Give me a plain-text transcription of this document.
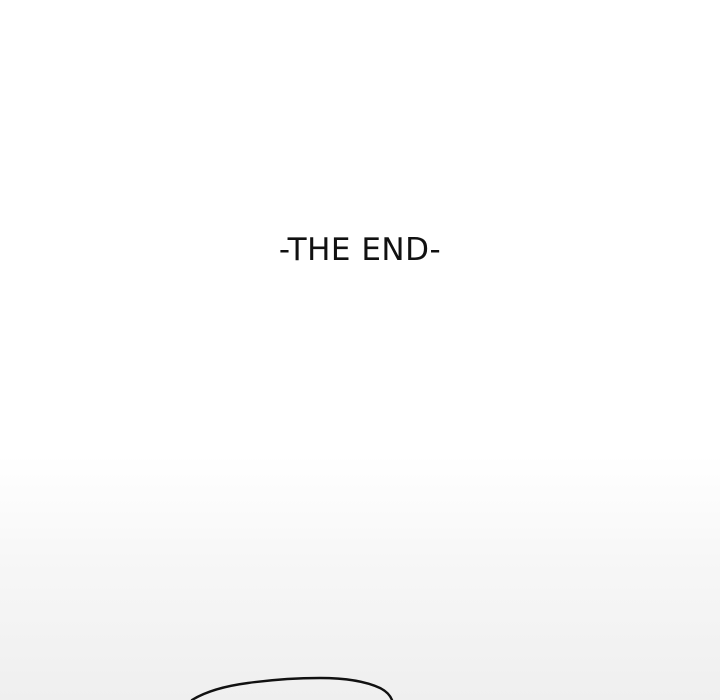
-THE END-
